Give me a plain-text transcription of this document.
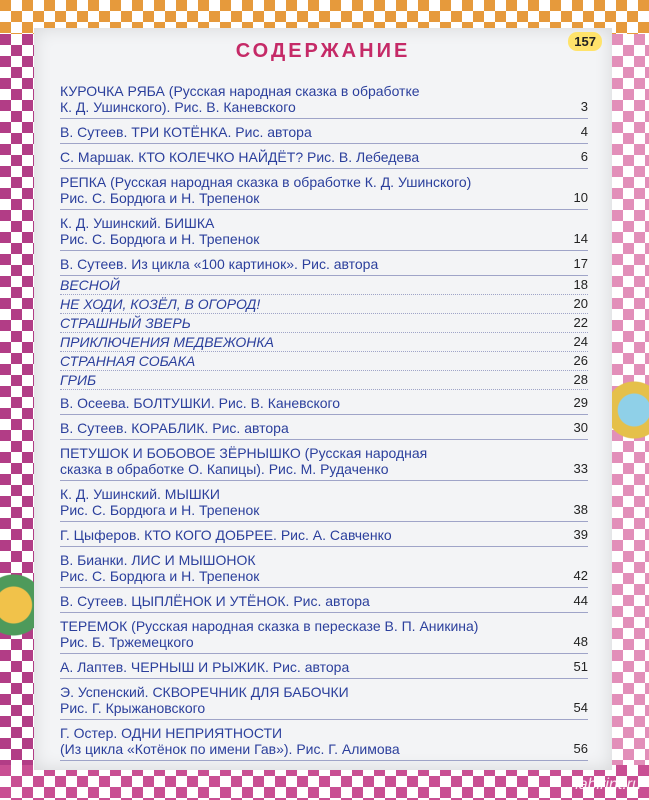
157
СОДЕРЖАНИЕ
КУРОЧКА РЯБА (Русская народная сказка в обработке
К. Д. Ушинского). Рис. В. Каневского	3
В. Сутеев. ТРИ КОТЁНКА. Рис. автора	4
С. Маршак. КТО КОЛЕЧКО НАЙДЁТ? Рис. В. Лебедева	6
РЕПКА (Русская народная сказка в обработке К. Д. Ушинского)
Рис. С. Бордюга и Н. Трепенок	10
К. Д. Ушинский. БИШКА
Рис. С. Бордюга и Н. Трепенок	14
В. Сутеев. Из цикла «100 картинок». Рис. автора	17
ВЕСНОЙ	18
НЕ ХОДИ, КОЗЁЛ, В ОГОРОД!	20
СТРАШНЫЙ ЗВЕРЬ	22
ПРИКЛЮЧЕНИЯ МЕДВЕЖОНКА	24
СТРАННАЯ СОБАКА	26
ГРИБ	28
В. Осеева. БОЛТУШКИ. Рис. В. Каневского	29
В. Сутеев. КОРАБЛИК. Рис. автора	30
ПЕТУШОК И БОБОВОЕ ЗЁРНЫШКО (Русская народная
сказка в обработке О. Капицы). Рис. М. Рудаченко	33
К. Д. Ушинский. МЫШКИ
Рис. С. Бордюга и Н. Трепенок	38
Г. Цыферов. КТО КОГО ДОБРЕЕ. Рис. А. Савченко	39
В. Бианки. ЛИС И МЫШОНОК
Рис. С. Бордюга и Н. Трепенок	42
В. Сутеев. ЦЫПЛЁНОК И УТЁНОК. Рис. автора	44
ТЕРЕМОК (Русская народная сказка в пересказе В. П. Аникина)
Рис. Б. Тржемецкого	48
А. Лаптев. ЧЕРНЫШ И РЫЖИК. Рис. автора	51
Э. Успенский. СКВОРЕЧНИК ДЛЯ БАБОЧКИ
Рис. Г. Крыжановского	54
Г. Остер. ОДНИ НЕПРИЯТНОСТИ
(Из цикла «Котёнок по имени Гав»). Рис. Г. Алимова	56
labirint.ru
